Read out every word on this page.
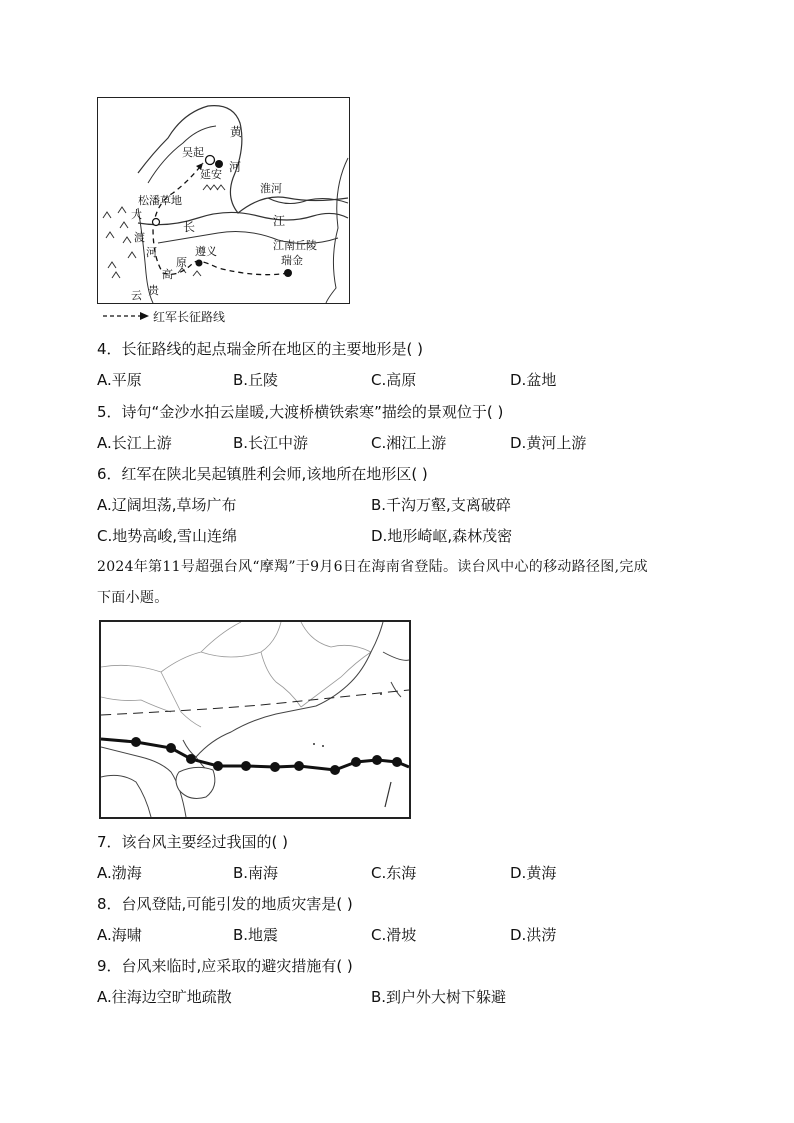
黄
河
吴起
延安
淮河
松潘草地
江
长
大
渡
河	遵义	江南丘陵
瑞金
原
高
贵
云
红军长征路线
4．长征路线的起点瑞金所在地区的主要地形是( )
A.平原	B.丘陵	C.高原	D.盆地
5．诗句“金沙水拍云崖暖,大渡桥横铁索寒”描绘的景观位于( )
A.长江上游	B.长江中游	C.湘江上游	D.黄河上游
6．红军在陕北吴起镇胜利会师,该地所在地形区( )
A.辽阔坦荡,草场广布	B.千沟万壑,支离破碎
C.地势高峻,雪山连绵	D.地形崎岖,森林茂密
2024年第11号超强台风“摩羯”于9月6日在海南省登陆。读台风中心的移动路径图,完成
下面小题。
7．该台风主要经过我国的( )
A.渤海	B.南海	C.东海	D.黄海
8．台风登陆,可能引发的地质灾害是( )
A.海啸	B.地震	C.滑坡	D.洪涝
9．台风来临时,应采取的避灾措施有( )
A.往海边空旷地疏散	B.到户外大树下躲避
